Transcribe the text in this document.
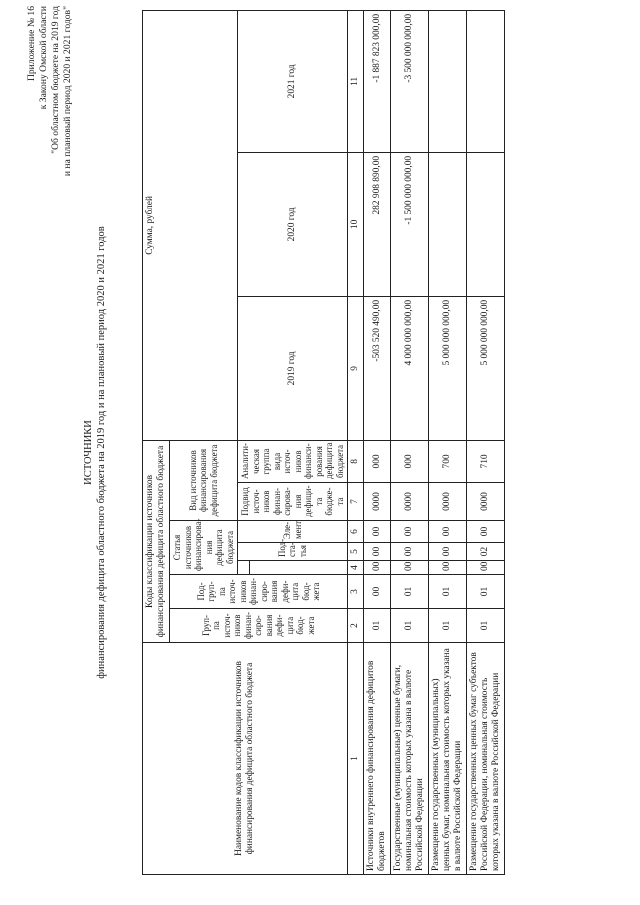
Приложение № 16 к Закону Омской области "Об областном бюджете на 2019 год и на плановый период 2020 и 2021 годов"
ИСТОЧНИКИ финансирования дефицита областного бюджета на 2019 год и на плановый период 2020 и 2021 годов
Наименование кодов классификации источников финансирования дефицита областного бюджета	Коды классификации источников финансирования дефицита областного бюджета							Сумма, рублей		
	Груп- па источ- ников финан- сиро- вания дефи- цита бюд- жета	Под- груп- па источ- ников финан- сиро- вания дефи- цита бюд- жета	Статья источников финансирова- ния дефицита бюджета			Вид источников финансирования дефицита бюджета				
				Под- ста- тья	Эле- мент	Подвид источ- ников финан- сирова- ния дефици- та бюдже- та	Аналити- ческая группа вида источ- ников финанси- рования дефицита бюджета	2019 год	2020 год	2021 год

1	2	3	4	5	6	7	8	9	10	11
Источники внутреннего финансирования дефицитов бюджетов	01	00	00	00	00	0000	000	-503 520 490,00	282 908 890,00	-1 887 823 000,00
Государственные (муниципальные) ценные бумаги, номинальная стоимость которых указана в валюте Российской Федерации	01	01	00	00	00	0000	000	4 000 000 000,00	-1 500 000 000,00	-3 500 000 000,00
Размещение государственных (муниципальных) ценных бумаг, номинальная стоимость которых указана в валюте Российской Федерации	01	01	00	00	00	0000	700	5 000 000 000,00		
Размещение государственных ценных бумаг субъектов Российской Федерации, номинальная стоимость которых указана в валюте Российской Федерации	01	01	00	02	00	0000	710	5 000 000 000,00		
